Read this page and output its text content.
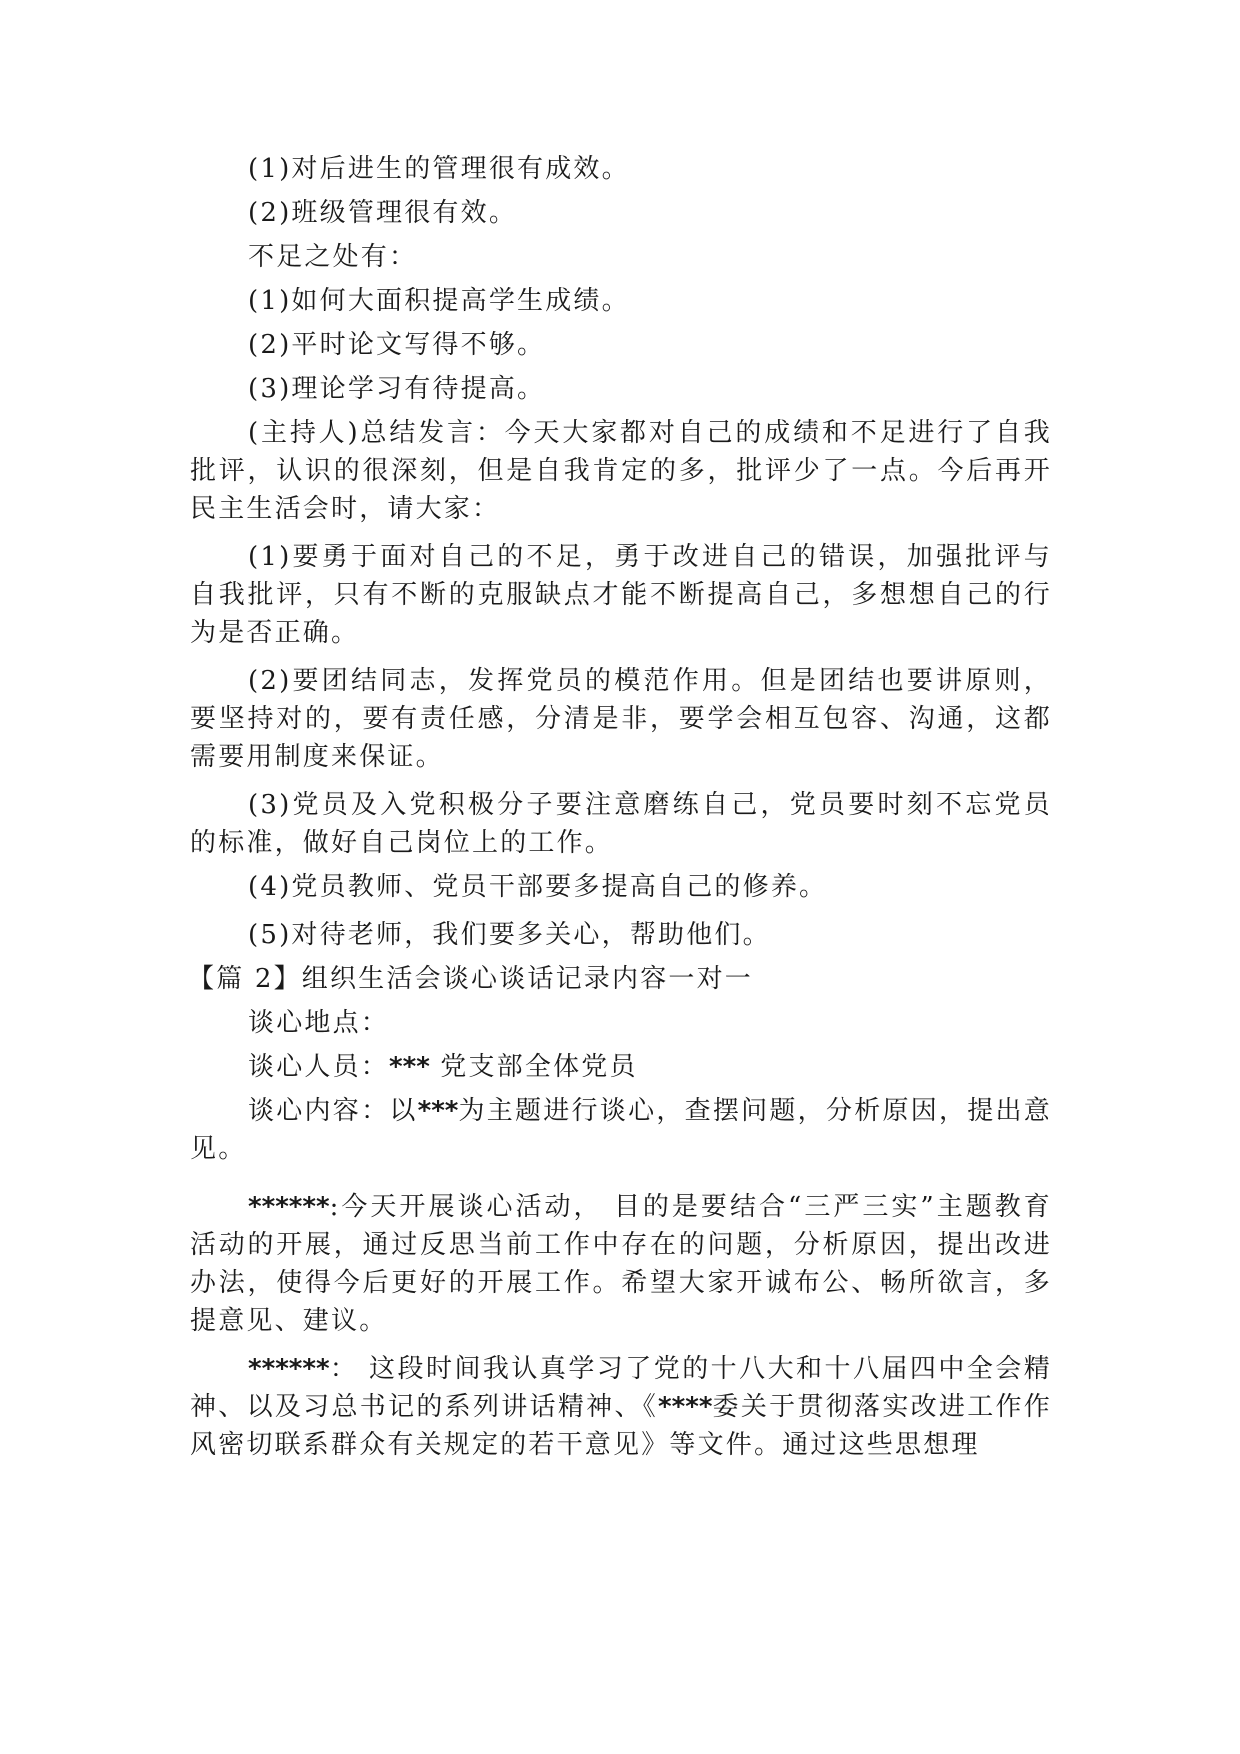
(1)对后进生的管理很有成效。

(2)班级管理很有效。

不足之处有：

(1)如何大面积提高学生成绩。

(2)平时论文写得不够。

(3)理论学习有待提高。

(主持人)总结发言：今天大家都对自己的成绩和不足进行了自我批评，认识的很深刻，但是自我肯定的多，批评少了一点。今后再开民主生活会时，请大家：

(1)要勇于面对自己的不足，勇于改进自己的错误，加强批评与自我批评，只有不断的克服缺点才能不断提高自己，多想想自己的行为是否正确。

(2)要团结同志，发挥党员的模范作用。但是团结也要讲原则，要坚持对的，要有责任感，分清是非，要学会相互包容、沟通，这都需要用制度来保证。

(3)党员及入党积极分子要注意磨练自己，党员要时刻不忘党员的标准，做好自己岗位上的工作。

(4)党员教师、党员干部要多提高自己的修养。

(5)对待老师，我们要多关心，帮助他们。

【篇 2】组织生活会谈心谈话记录内容一对一

谈心地点：

谈心人员：*** 党支部全体党员

谈心内容：以***为主题进行谈心，查摆问题，分析原因，提出意见。

******:今天开展谈心活动， 目的是要结合“三严三实”主题教育活动的开展，通过反思当前工作中存在的问题，分析原因，提出改进办法，使得今后更好的开展工作。希望大家开诚布公、畅所欲言，多提意见、建议。

******： 这段时间我认真学习了党的十八大和十八届四中全会精神、以及习总书记的系列讲话精神、《****委关于贯彻落实改进工作作风密切联系群众有关规定的若干意见》等文件。通过这些思想理
